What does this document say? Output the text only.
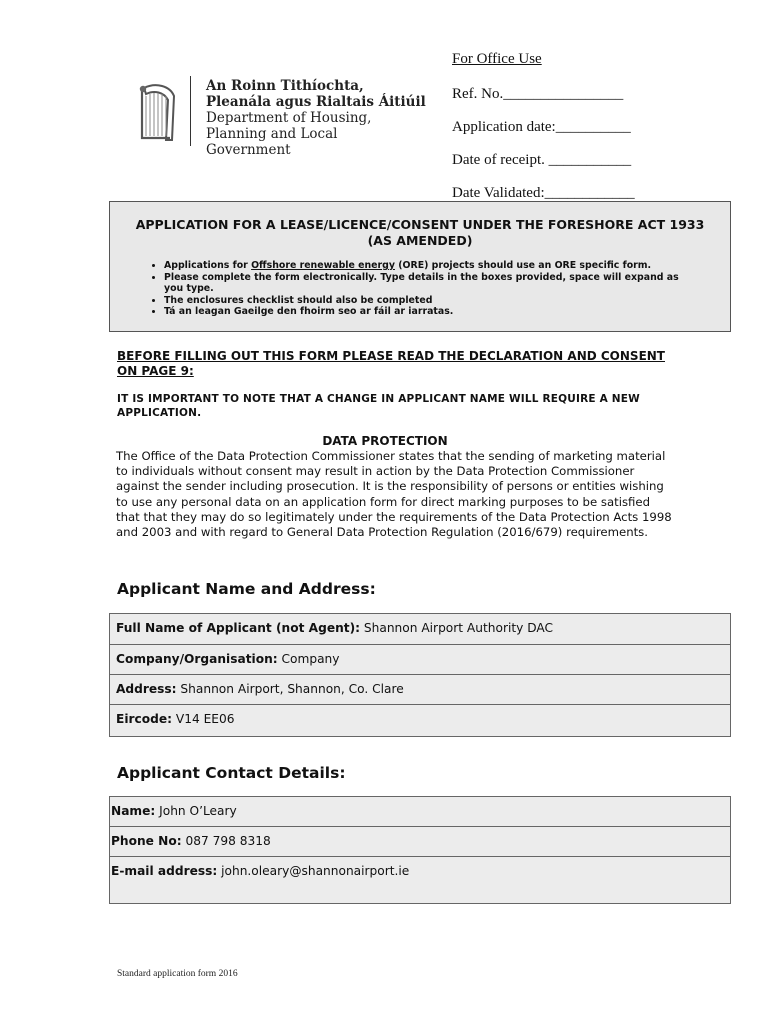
An Roinn Tithíochta,
Pleanála agus Rialtais Áitiúil
Department of Housing,
Planning and Local Government
For Office Use
Ref. No.________________
Application date:__________
Date of receipt. ___________
Date Validated:____________
APPLICATION FOR A LEASE/LICENCE/CONSENT UNDER THE FORESHORE ACT 1933 (AS AMENDED)
• Applications for Offshore renewable energy (ORE) projects should use an ORE specific form.
• Please complete the form electronically. Type details in the boxes provided, space will expand as you type.
• The enclosures checklist should also be completed
• Tá an leagan Gaeilge den fhoirm seo ar fáil ar iarratas.
BEFORE FILLING OUT THIS FORM PLEASE READ THE DECLARATION AND CONSENT ON PAGE 9:
IT IS IMPORTANT TO NOTE THAT A CHANGE IN APPLICANT NAME WILL REQUIRE A NEW APPLICATION.
DATA PROTECTION
The Office of the Data Protection Commissioner states that the sending of marketing material to individuals without consent may result in action by the Data Protection Commissioner against the sender including prosecution. It is the responsibility of persons or entities wishing to use any personal data on an application form for direct marking purposes to be satisfied that that they may do so legitimately under the requirements of the Data Protection Acts 1998 and 2003 and with regard to General Data Protection Regulation (2016/679) requirements.
Applicant Name and Address:
Full Name of Applicant (not Agent): Shannon Airport Authority DAC
Company/Organisation: Company
Address: Shannon Airport, Shannon, Co. Clare
Eircode: V14 EE06
Applicant Contact Details:
Name: John O’Leary
Phone No: 087 798 8318
E-mail address: john.oleary@shannonairport.ie
Standard application form 2016
